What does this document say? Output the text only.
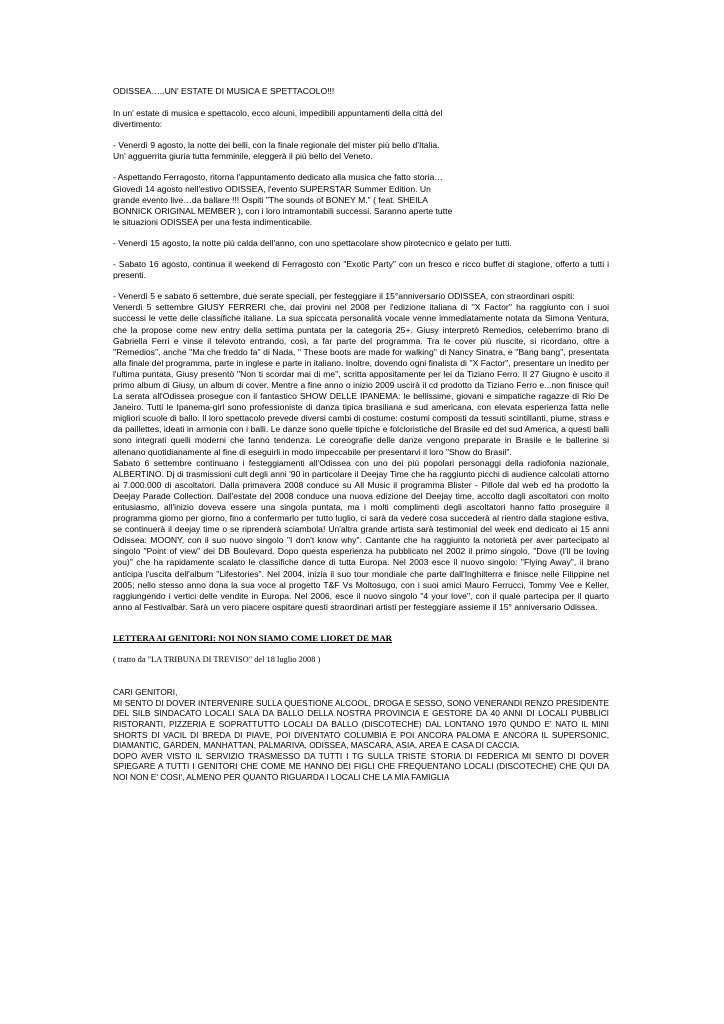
ODISSEA…..UN' ESTATE DI MUSICA E SPETTACOLO!!!

In un' estate di musica e spettacolo, ecco alcuni, impedibili appuntamenti della città del divertimento:

- Venerdì 9 agosto, la notte dei belli, con la finale regionale del mister più bello d'Italia. Un' agguerrita giuria tutta femminile, eleggerà il più bello del Veneto.

- Aspettando Ferragosto, ritorna l'appuntamento dedicato alla musica che fatto storia…Giovedì 14 agosto nell'estivo ODISSEA, l'evento SUPERSTAR Summer Edition. Un grande evento live…da ballare !!! Ospiti "The sounds of BONEY M." ( feat. SHEILA BONNICK ORIGINAL MEMBER ), con i loro intramontabili successi. Saranno aperte tutte le situazioni ODISSEA per una festa indimenticabile.

- Venerdì 15 agosto, la notte più calda dell'anno, con uno spettacolare show pirotecnico e gelato per tutti.

- Sabato 16 agosto, continua il weekend di Ferragosto con "Exotic Party" con un fresco e ricco buffet di stagione, offerto a tutti i presenti.

- Venerdì 5 e sabato 6 settembre, due serate speciali, per festeggiare il 15°anniversario ODISSEA, con straordinari ospiti:

Venerdì 5 settembre GIUSY FERRERI che, dai provini nel 2008 per l'edizione italiana di ''X Factor'' ha raggiunto con i suoi successi le vette delle classifiche italiane. La sua spiccata personalità vocale venne immediatamente notata da Simona Ventura, che la propose come new entry della settima puntata per la categoria 25+. Giusy interpretò Remedios, celeberrimo brano di Gabriella Ferri e vinse il televoto entrando, così, a far parte del programma. Tra le cover più riuscite, si ricordano, oltre a ''Remedios'', anche ''Ma che freddo fa'' di Nada, '' These boots are made for walking'' di Nancy Sinatra, e ''Bang bang'', presentata alla finale del programma, parte in inglese e parte in italiano. Inoltre, dovendo ogni finalista di ''X Factor'', presentare un inedito per l'ultima puntata, Giusy presentò ''Non ti scordar mai di me'', scritta appositamente per lei da Tiziano Ferro. Il 27 Giugno è uscito il primo album di Giusy, un album di cover. Mentre a fine anno o inizio 2009 uscirà il cd prodotto da Tiziano Ferro e...non finisce qui! La serata all'Odissea prosegue con il fantastico SHOW DELLE IPANEMA: le bellissime, giovani e simpatiche ragazze di Rio De Janeiro. Tutti le Ipanema-girl sono professioniste di danza tipica brasiliana e sud americana, con elevata esperienza fatta nelle migliori scuole di ballo. Il loro spettacolo prevede diversi cambi di costume: costumi composti da tessuti scintillanti, piume, strass e da paillettes, ideati in armonia con i balli. Le danze sono quelle tipiche e folcloristiche del Brasile ed del sud America, a questi balli sono integrati quelli moderni che fanno tendenza. Le coreografie delle danze vengono preparate in Brasile e le ballerine si allenano quotidianamente al fine di eseguirli in modo impeccabile per presentarvi il loro "Show do Brasil".

Sabato 6 settembre continuano i festeggiamenti all'Odissea con uno dei più popolari personaggi della radiofonia nazionale, ALBERTINO. Dj di trasmissioni cult degli anni '90 in particolare il Deejay Time che ha raggiunto picchi di audience calcolati attorno ai 7.000.000 di ascoltatori. Dalla primavera 2008 conduce su All Music il programma Blister - Pillole dal web ed ha prodotto la Deejay Parade Collection. Dall'estate del 2008 conduce una nuova edizione del Deejay time, accolto dagli ascoltatori con molto entusiasmo, all'inizio doveva essere una singola puntata, ma i molti complimenti degli ascoltatori hanno fatto proseguire il programma giorno per giorno, fino a confermarlo per tutto luglio, ci sarà da vedere cosa succederà al rientro dalla stagione estiva, se continuerà il deejay time o se riprenderà sciambola! Un'altra grande artista sarà testimonial del week end dedicato ai 15 anni Odissea: MOONY, con il suo nuovo singolo "I don't know why". Cantante che ha raggiunto la notorietà per aver partecipato al singolo "Point of view" dei DB Boulevard. Dopo questa esperienza ha pubblicato nel 2002 il primo singolo, "Dove (I'll be loving you)" che ha rapidamente scalato le classifiche dance di tutta Europa. Nel 2003 esce il nuovo singolo: "Flying Away", il brano anticipa l'uscita dell'album "Lifestories". Nel 2004, inizia il suo tour mondiale che parte dall'Inghilterra e finisce nelle Filippine nel 2005; nello stesso anno dona la sua voce al progetto T&F Vs Moltosugo, con i suoi amici Mauro Ferrucci, Tommy Vee e Keller, raggiungendo i vertici delle vendite in Europa. Nel 2006, esce il nuovo singolo "4 your love", con il quale partecipa per il quarto anno al Festivalbar. Sarà un vero piacere ospitare questi straordinari artisti per festeggiare assieme il 15° anniversario Odissea.

LETTERA AI GENITORI: NOI NON SIAMO COME LIORET DE MAR

( tratto da "LA TRIBUNA DI TREVISO" del 18 luglio 2008 )

CARI GENITORI,

MI SENTO DI DOVER INTERVENIRE SULLA QUESTIONE ALCOOL, DROGA E SESSO, SONO VENERANDI RENZO PRESIDENTE DEL SILB SINDACATO LOCALI SALA DA BALLO DELLA NOSTRA PROVINCIA E GESTORE DA 40 ANNI DI LOCALI PUBBLICI RISTORANTI, PIZZERIA E SOPRATTUTTO LOCALI DA BALLO (DISCOTECHE) DAL LONTANO 1970 QUNDO E' NATO IL MINI SHORTS DI VACIL DI BREDA DI PIAVE, POI DIVENTATO COLUMBIA E POI ANCORA PALOMA E ANCORA IL SUPERSONIC, DIAMANTIC, GARDEN, MANHATTAN, PALMARIVA, ODISSEA, MASCARA, ASIA, AREA E CASA DI CACCIA.

DOPO AVER VISTO IL SERVIZIO TRASMESSO DA TUTTI I TG SULLA TRISTE STORIA DI FEDERICA MI SENTO DI DOVER SPIEGARE A TUTTI I GENITORI CHE COME ME HANNO DEI FIGLI CHE FREQUENTANO LOCALI (DISCOTECHE) CHE QUI DA NOI NON E' COSI', ALMENO PER QUANTO RIGUARDA I LOCALI CHE LA MIA FAMIGLIA
